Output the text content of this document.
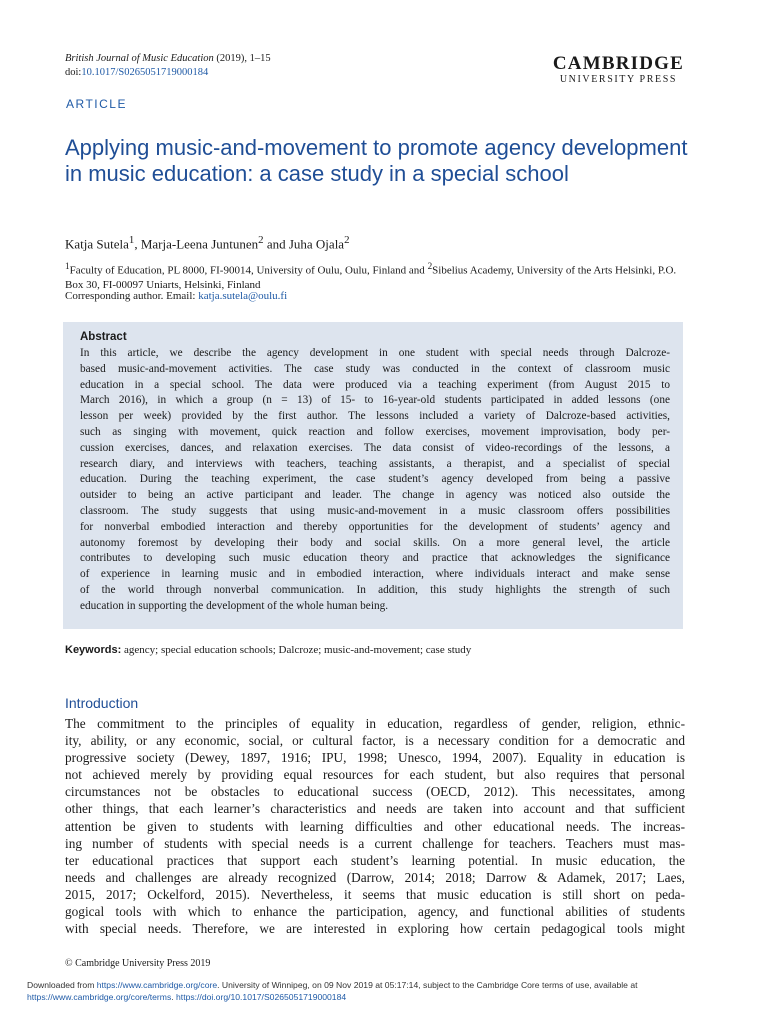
British Journal of Music Education (2019), 1–15
doi:10.1017/S0265051719000184	CAMBRIDGE
UNIVERSITY PRESS
ARTICLE
Applying music-and-movement to promote agency development in music education: a case study in a special school
Katja Sutela$^1$, Marja-Leena Juntunen$^2$ and Juha Ojala$^2$
$^1$Faculty of Education, PL 8000, FI-90014, University of Oulu, Oulu, Finland and $^2$Sibelius Academy, University of the Arts Helsinki, P.O. Box 30, FI-00097 Uniarts, Helsinki, Finland
Corresponding author. Email: katja.sutela@oulu.fi
Abstract
In this article, we describe the agency development in one student with special needs through Dalcroze-
based music-and-movement activities. The case study was conducted in the context of classroom music
education in a special school. The data were produced via a teaching experiment (from August 2015 to
March 2016), in which a group (n = 13) of 15- to 16-year-old students participated in added lessons (one
lesson per week) provided by the first author. The lessons included a variety of Dalcroze-based activities,
such as singing with movement, quick reaction and follow exercises, movement improvisation, body per-
cussion exercises, dances, and relaxation exercises. The data consist of video-recordings of the lessons, a
research diary, and interviews with teachers, teaching assistants, a therapist, and a specialist of special
education. During the teaching experiment, the case student’s agency developed from being a passive
outsider to being an active participant and leader. The change in agency was noticed also outside the
classroom. The study suggests that using music-and-movement in a music classroom offers possibilities
for nonverbal embodied interaction and thereby opportunities for the development of students’ agency and
autonomy foremost by developing their body and social skills. On a more general level, the article
contributes to developing such music education theory and practice that acknowledges the significance
of experience in learning music and in embodied interaction, where individuals interact and make sense
of the world through nonverbal communication. In addition, this study highlights the strength of such
education in supporting the development of the whole human being.
Keywords: agency; special education schools; Dalcroze; music-and-movement; case study
Introduction
The commitment to the principles of equality in education, regardless of gender, religion, ethnic-
ity, ability, or any economic, social, or cultural factor, is a necessary condition for a democratic and
progressive society (Dewey, 1897, 1916; IPU, 1998; Unesco, 1994, 2007). Equality in education is
not achieved merely by providing equal resources for each student, but also requires that personal
circumstances not be obstacles to educational success (OECD, 2012). This necessitates, among
other things, that each learner’s characteristics and needs are taken into account and that sufficient
attention be given to students with learning difficulties and other educational needs. The increas-
ing number of students with special needs is a current challenge for teachers. Teachers must mas-
ter educational practices that support each student’s learning potential. In music education, the
needs and challenges are already recognized (Darrow, 2014; 2018; Darrow & Adamek, 2017; Laes,
2015, 2017; Ockelford, 2015). Nevertheless, it seems that music education is still short on peda-
gogical tools with which to enhance the participation, agency, and functional abilities of students
with special needs. Therefore, we are interested in exploring how certain pedagogical tools might
© Cambridge University Press 2019
Downloaded from https://www.cambridge.org/core. University of Winnipeg, on 09 Nov 2019 at 05:17:14, subject to the Cambridge Core terms of use, available at
https://www.cambridge.org/core/terms. https://doi.org/10.1017/S0265051719000184
